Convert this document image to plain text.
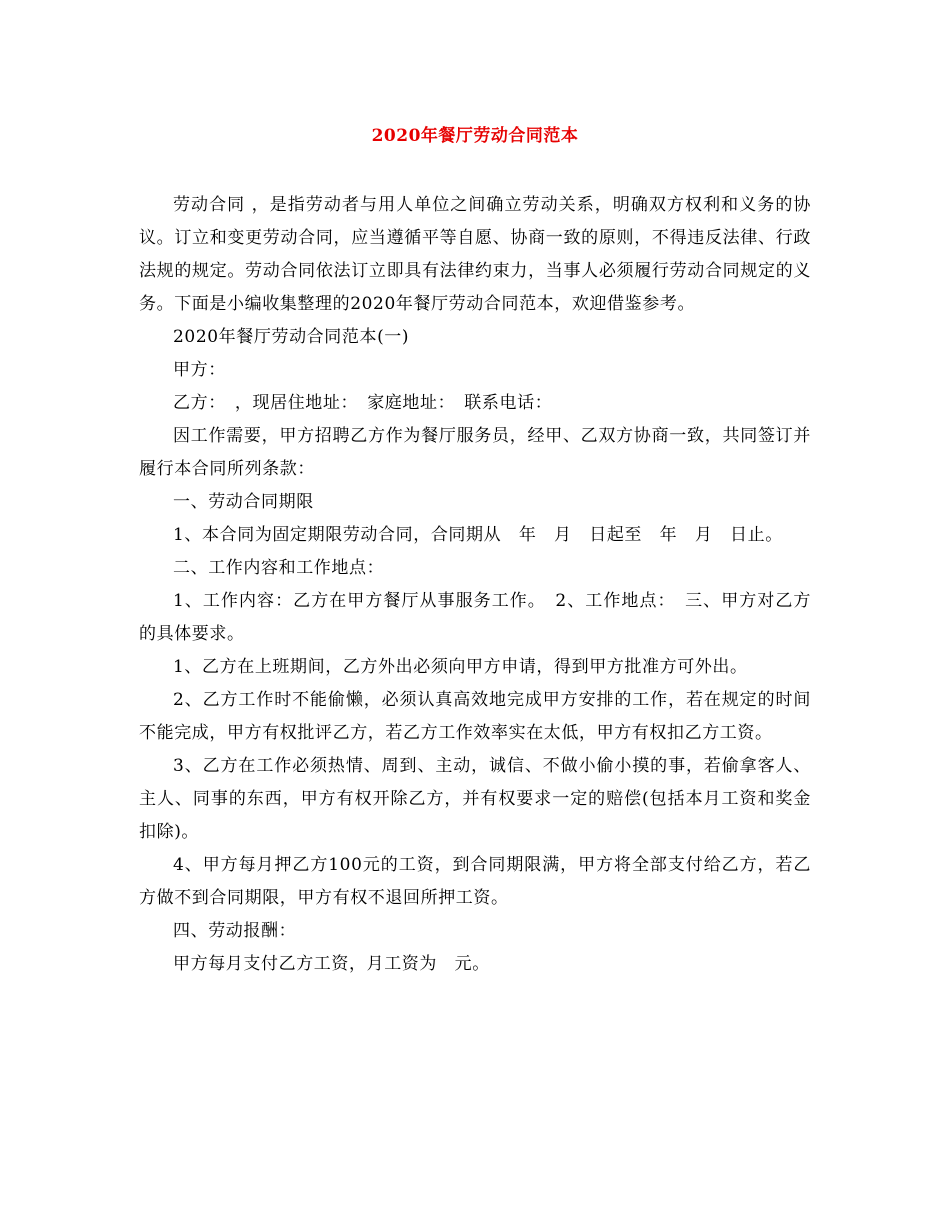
2020年餐厅劳动合同范本

劳动合同 ，是指劳动者与用人单位之间确立劳动关系，明确双方权利和义务的协议。订立和变更劳动合同，应当遵循平等自愿、协商一致的原则，不得违反法律、行政法规的规定。劳动合同依法订立即具有法律约束力，当事人必须履行劳动合同规定的义务。下面是小编收集整理的2020年餐厅劳动合同范本，欢迎借鉴参考。

2020年餐厅劳动合同范本(一)

甲方：

乙方：　，现居住地址：　家庭地址：　联系电话：

因工作需要，甲方招聘乙方作为餐厅服务员，经甲、乙双方协商一致，共同签订并履行本合同所列条款：

一、劳动合同期限

1、本合同为固定期限劳动合同，合同期从　年　月　日起至　年　月　日止。

二、工作内容和工作地点：

1、工作内容：乙方在甲方餐厅从事服务工作。　2、工作地点：　三、甲方对乙方的具体要求。

1、乙方在上班期间，乙方外出必须向甲方申请，得到甲方批准方可外出。

2、乙方工作时不能偷懒，必须认真高效地完成甲方安排的工作，若在规定的时间不能完成，甲方有权批评乙方，若乙方工作效率实在太低，甲方有权扣乙方工资。

3、乙方在工作必须热情、周到、主动，诚信、不做小偷小摸的事，若偷拿客人、主人、同事的东西，甲方有权开除乙方，并有权要求一定的赔偿(包括本月工资和奖金扣除)。

4、甲方每月押乙方100元的工资，到合同期限满，甲方将全部支付给乙方，若乙方做不到合同期限，甲方有权不退回所押工资。

四、劳动报酬：

甲方每月支付乙方工资，月工资为　元。
